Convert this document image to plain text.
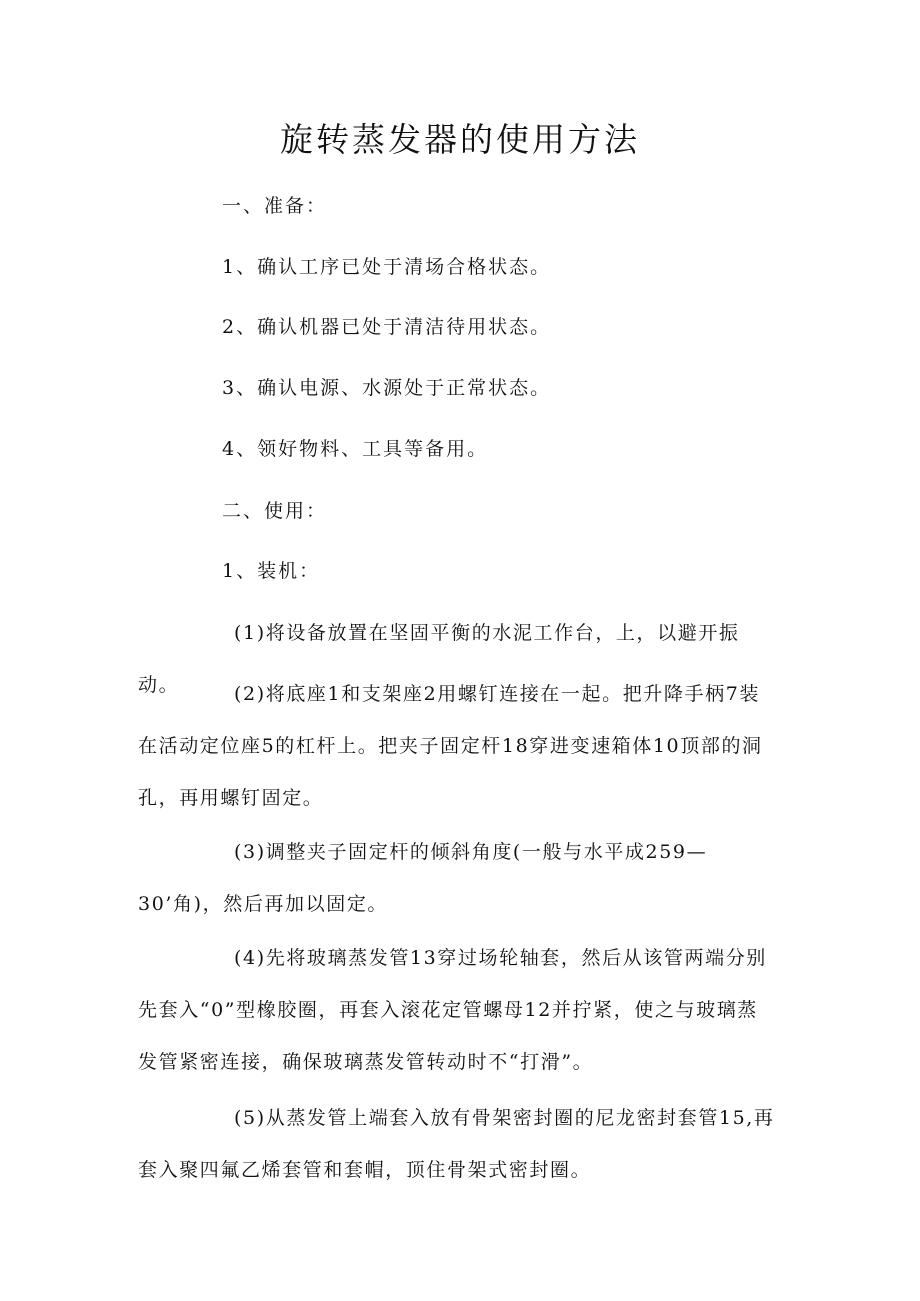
旋转蒸发器的使用方法

一、准备：

1、确认工序已处于清场合格状态。

2、确认机器已处于清洁待用状态。

3、确认电源、水源处于正常状态。

4、领好物料、工具等备用。

二、使用：

1、装机：

(1)将设备放置在坚固平衡的水泥工作台，上，以避开振动。	(2)将底座1和支架座2用螺钉连接在一起。把升降手柄7装在活动定位座5的杠杆上。把夹子固定杆18穿进变速箱体10顶部的洞孔，再用螺钉固定。

(3)调整夹子固定杆的倾斜角度(一般与水平成259—30’角)，然后再加以固定。

(4)先将玻璃蒸发管13穿过场轮轴套，然后从该管两端分别先套入“0”型橡胶圈，再套入滚花定管螺母12并拧紧，使之与玻璃蒸发管紧密连接，确保玻璃蒸发管转动时不“打滑”。

(5)从蒸发管上端套入放有骨架密封圈的尼龙密封套管15,再套入聚四氟乙烯套管和套帽，顶住骨架式密封圈。
